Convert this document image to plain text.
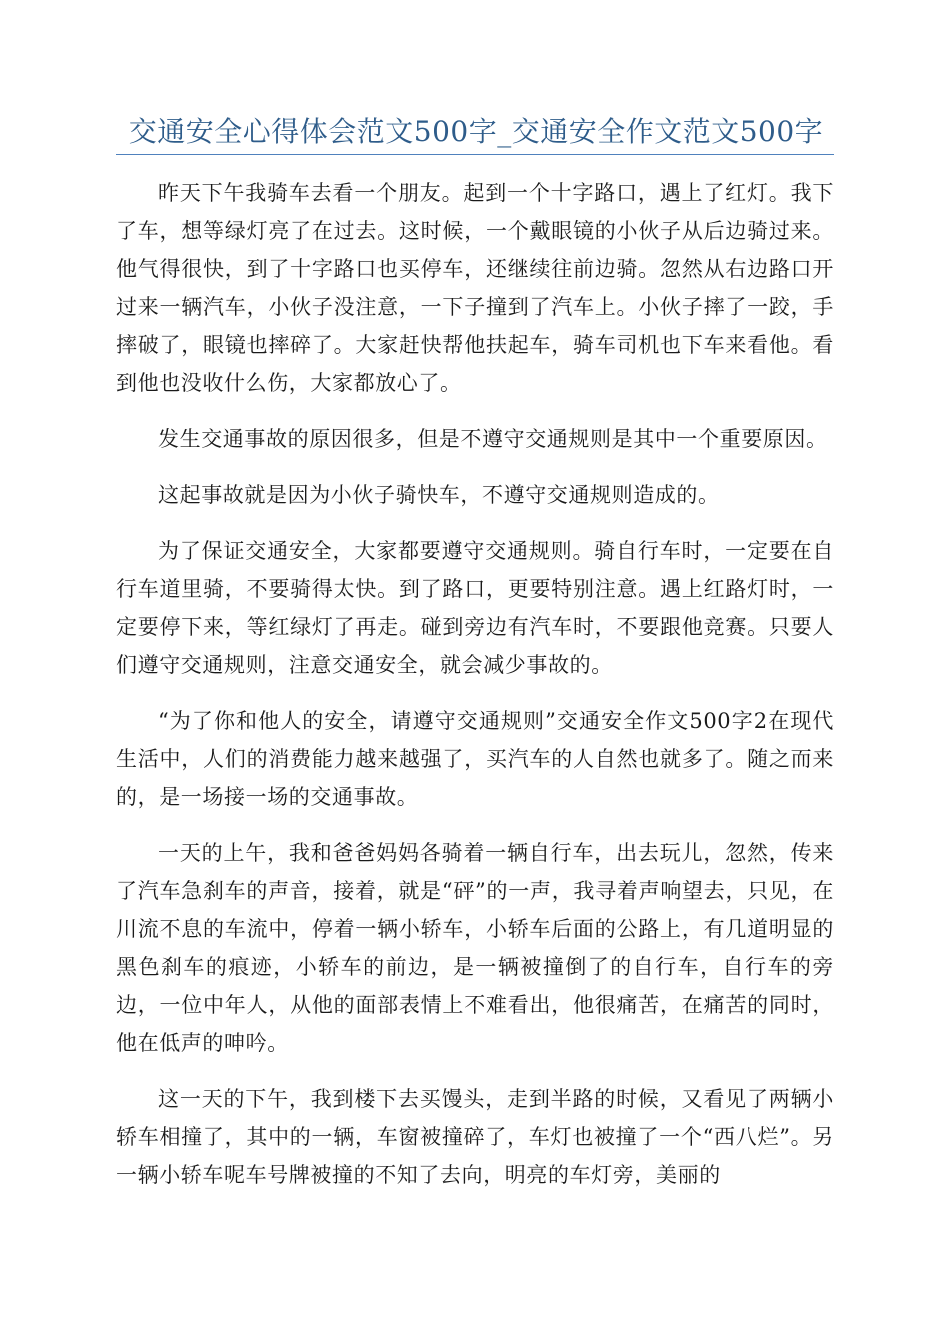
交通安全心得体会范文500字_交通安全作文范文500字

昨天下午我骑车去看一个朋友。起到一个十字路口，遇上了红灯。我下了车，想等绿灯亮了在过去。这时候，一个戴眼镜的小伙子从后边骑过来。他气得很快，到了十字路口也买停车，还继续往前边骑。忽然从右边路口开过来一辆汽车，小伙子没注意，一下子撞到了汽车上。小伙子摔了一跤，手摔破了，眼镜也摔碎了。大家赶快帮他扶起车，骑车司机也下车来看他。看到他也没收什么伤，大家都放心了。

发生交通事故的原因很多，但是不遵守交通规则是其中一个重要原因。

这起事故就是因为小伙子骑快车，不遵守交通规则造成的。

为了保证交通安全，大家都要遵守交通规则。骑自行车时，一定要在自行车道里骑，不要骑得太快。到了路口，更要特别注意。遇上红路灯时，一定要停下来，等红绿灯了再走。碰到旁边有汽车时，不要跟他竞赛。只要人们遵守交通规则，注意交通安全，就会减少事故的。

“为了你和他人的安全，请遵守交通规则”交通安全作文500字2在现代生活中，人们的消费能力越来越强了，买汽车的人自然也就多了。随之而来的，是一场接一场的交通事故。

一天的上午，我和爸爸妈妈各骑着一辆自行车，出去玩儿，忽然，传来了汽车急刹车的声音，接着，就是“砰”的一声，我寻着声响望去，只见，在川流不息的车流中，停着一辆小轿车，小轿车后面的公路上，有几道明显的黑色刹车的痕迹，小轿车的前边，是一辆被撞倒了的自行车，自行车的旁边，一位中年人，从他的面部表情上不难看出，他很痛苦，在痛苦的同时，他在低声的呻吟。

这一天的下午，我到楼下去买馒头，走到半路的时候，又看见了两辆小轿车相撞了，其中的一辆，车窗被撞碎了，车灯也被撞了一个“西八烂”。另一辆小轿车呢车号牌被撞的不知了去向，明亮的车灯旁，美丽的
